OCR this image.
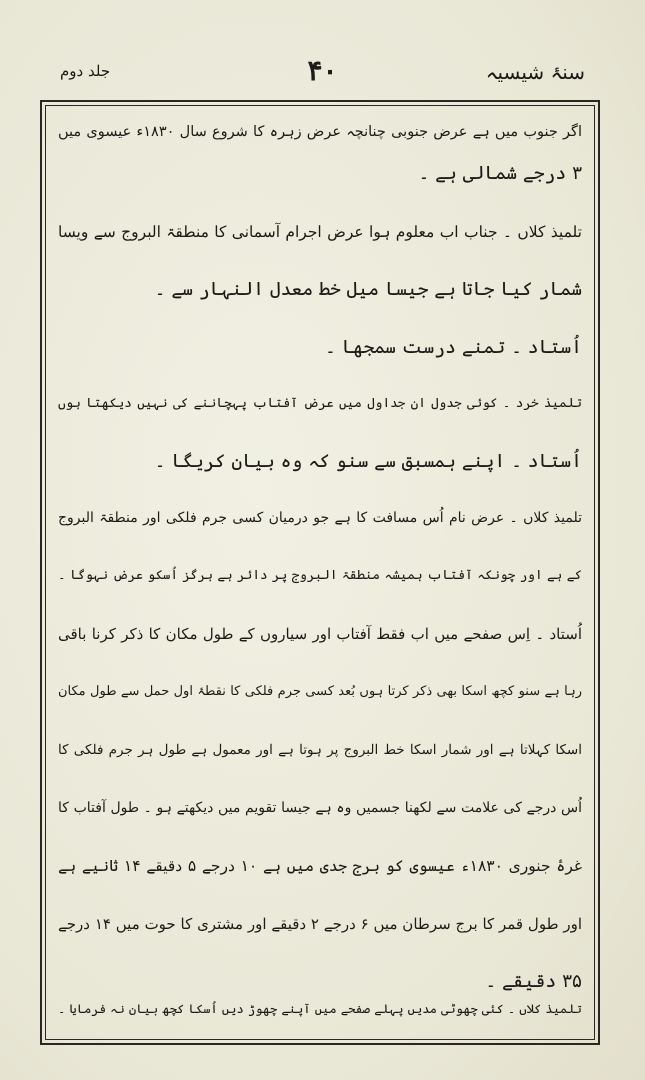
سنۂ شیسیہ
۴۰
جلد دوم
اگر جنوب میں ہے عرض جنوبی چنانچہ عرض زہرہ کا شروع سال ۱۸۳۰ء عیسوی میں
۳ درجے شمالی ہے ۔
تلمیذ کلاں ۔ جناب اب معلوم ہوا عرض اجرام آسمانی کا منطقۃ البروج سے ویسا
شمار کیا جاتا ہے جیسا میل خط معدل النہار سے ۔
اُستاد ۔ تمنے درست سمجھا ۔
تلمیذ خرد ۔ کوئی جدول ان جداول میں عرض آفتاب پہچاننے کی نہیں دیکھتا ہوں
اُستاد ۔ اپنے ہمسبق سے سنو کہ وہ بیان کریگا ۔
تلمیذ کلاں ۔ عرض نام اُس مسافت کا ہے جو درمیان کسی جرم فلکی اور منطقۃ البروج
کے ہے اور چونکہ آفتاب ہمیشہ منطقۃ البروج پر دائر ہے ہرگز اُسکو عرض نہوگا ۔
اُستاد ۔ اِس صفحے میں اب فقط آفتاب اور سیاروں کے طول مکان کا ذکر کرنا باقی
رہا ہے سنو کچھ اسکا بھی ذکر کرتا ہوں بُعد کسی جرم فلکی کا نقطۂ اول حمل سے طول مکان
اسکا کہلاتا ہے اور شمار اسکا خط البروج پر ہوتا ہے اور معمول ہے طول ہر جرم فلکی کا
اُس درجے کی علامت سے لکھنا جسمیں وہ ہے جیسا تقویم میں دیکھتے ہو ۔ طول آفتاب کا
غرۂ جنوری ۱۸۳۰ء عیسوی کو برج جدی میں ہے ۱۰ درجے ۵ دقیقے ۱۴ ثانیے ہے
اور طول قمر کا برج سرطان میں ۶ درجے ۲ دقیقے اور مشتری کا حوت میں ۱۴ درجے
۳۵ دقیقے ۔
تلمیذ کلاں ۔ کئی چھوٹی مدیں پہلے صفحے میں آپنے چھوڑ دیں اُسکا کچھ بیان نہ فرمایا ۔
